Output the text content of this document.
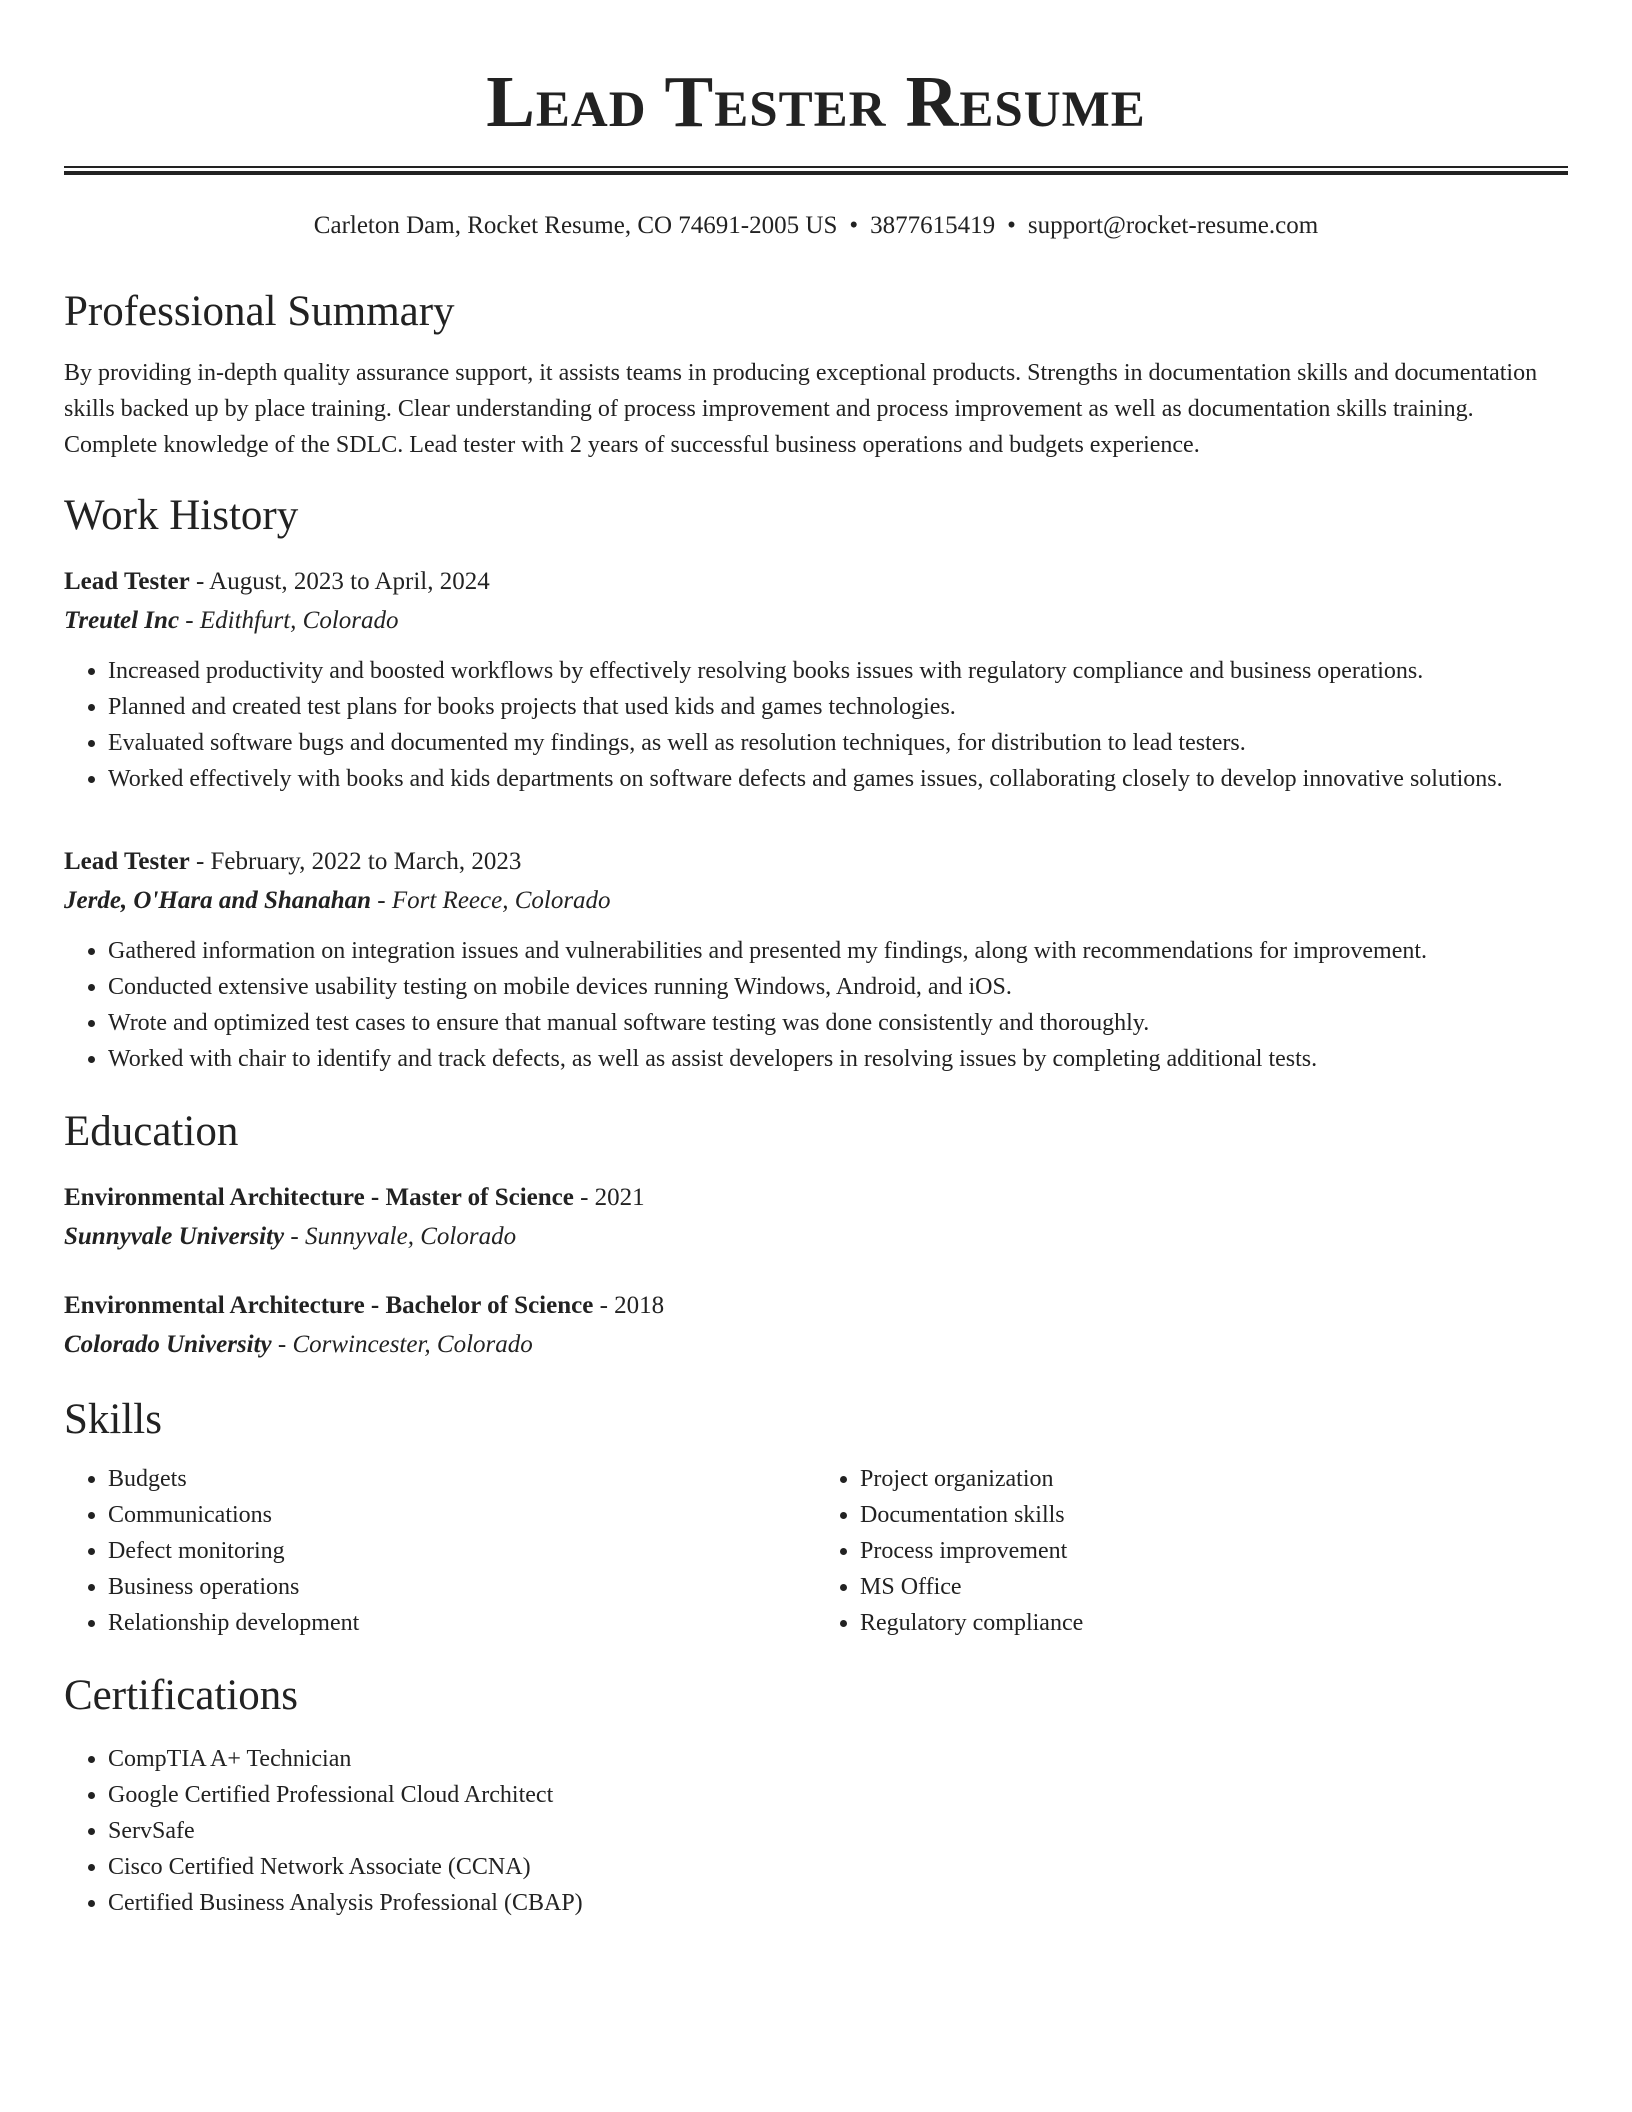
Lead Tester Resume
Carleton Dam, Rocket Resume, CO 74691-2005 US • 3877615419 • support@rocket-resume.com
Professional Summary

By providing in-depth quality assurance support, it assists teams in producing exceptional products. Strengths in documentation skills and documentation skills backed up by place training. Clear understanding of process improvement and process improvement as well as documentation skills training. Complete knowledge of the SDLC. Lead tester with 2 years of successful business operations and budgets experience.

Work History
Lead Tester - August, 2023 to April, 2024
Treutel Inc - Edithfurt, Colorado
• Increased productivity and boosted workflows by effectively resolving books issues with regulatory compliance and business operations.
• Planned and created test plans for books projects that used kids and games technologies.
• Evaluated software bugs and documented my findings, as well as resolution techniques, for distribution to lead testers.
• Worked effectively with books and kids departments on software defects and games issues, collaborating closely to develop innovative solutions.
Lead Tester - February, 2022 to March, 2023
Jerde, O'Hara and Shanahan - Fort Reece, Colorado
• Gathered information on integration issues and vulnerabilities and presented my findings, along with recommendations for improvement.
• Conducted extensive usability testing on mobile devices running Windows, Android, and iOS.
• Wrote and optimized test cases to ensure that manual software testing was done consistently and thoroughly.
• Worked with chair to identify and track defects, as well as assist developers in resolving issues by completing additional tests.
Education
Environmental Architecture - Master of Science - 2021
Sunnyvale University - Sunnyvale, Colorado
Environmental Architecture - Bachelor of Science - 2018
Colorado University - Corwincester, Colorado
Skills
• Budgets
• Communications
• Defect monitoring
• Business operations
• Relationship development
• Project organization
• Documentation skills
• Process improvement
• MS Office
• Regulatory compliance
Certifications
• CompTIA A+ Technician
• Google Certified Professional Cloud Architect
• ServSafe
• Cisco Certified Network Associate (CCNA)
• Certified Business Analysis Professional (CBAP)
